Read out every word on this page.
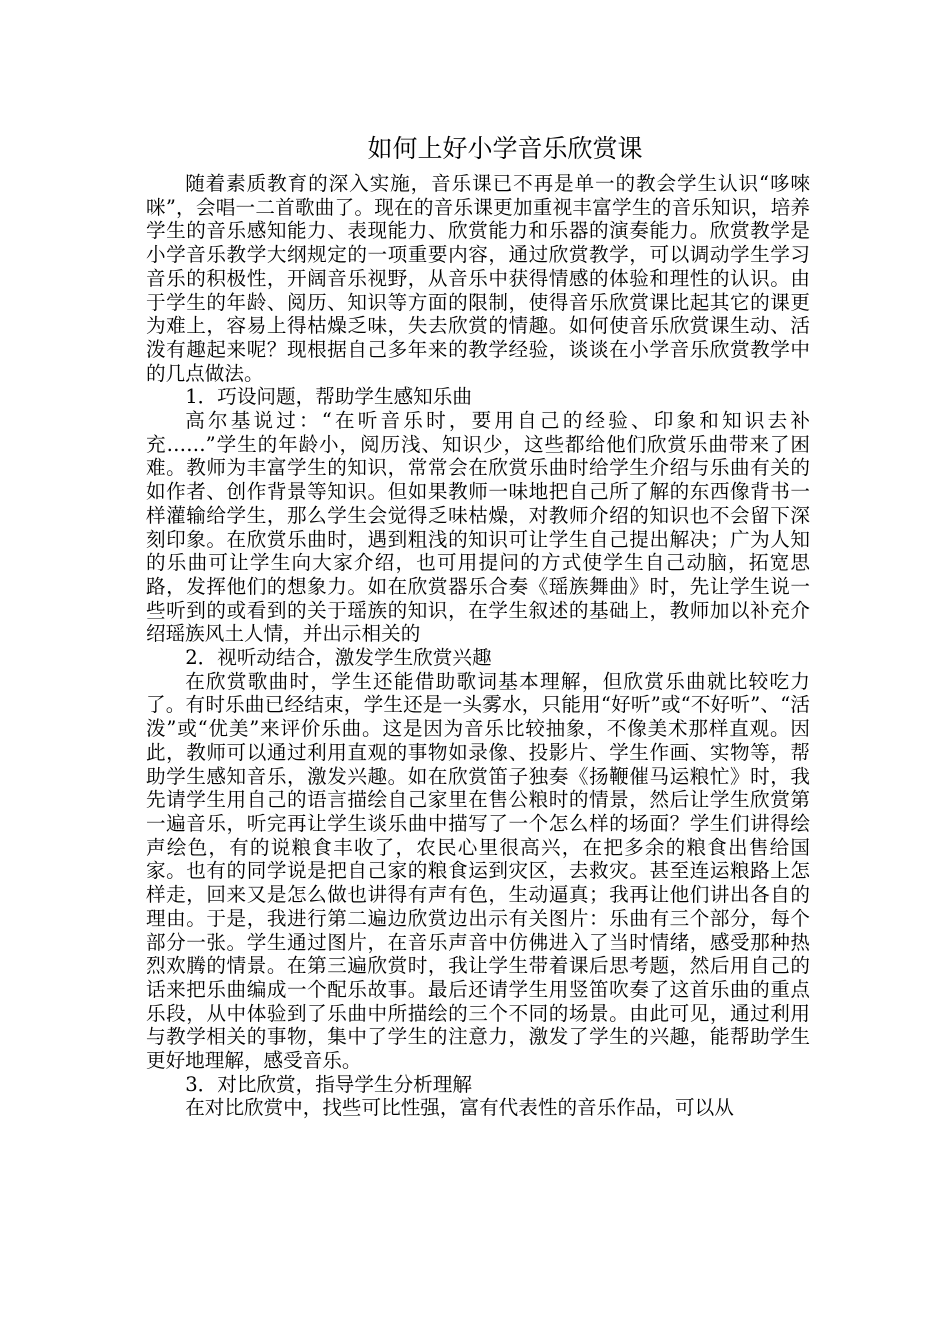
如何上好小学音乐欣赏课

随着素质教育的深入实施，音乐课已不再是单一的教会学生认识“哆唻咪”，会唱一二首歌曲了。现在的音乐课更加重视丰富学生的音乐知识，培养学生的音乐感知能力、表现能力、欣赏能力和乐器的演奏能力。欣赏教学是小学音乐教学大纲规定的一项重要内容，通过欣赏教学，可以调动学生学习音乐的积极性，开阔音乐视野，从音乐中获得情感的体验和理性的认识。由于学生的年龄、阅历、知识等方面的限制，使得音乐欣赏课比起其它的课更为难上，容易上得枯燥乏味，失去欣赏的情趣。如何使音乐欣赏课生动、活泼有趣起来呢？现根据自己多年来的教学经验，谈谈在小学音乐欣赏教学中的几点做法。

1．巧设问题，帮助学生感知乐曲

高尔基说过：“在听音乐时，要用自己的经验、印象和知识去补充……”学生的年龄小，阅历浅、知识少，这些都给他们欣赏乐曲带来了困难。教师为丰富学生的知识，常常会在欣赏乐曲时给学生介绍与乐曲有关的如作者、创作背景等知识。但如果教师一味地把自己所了解的东西像背书一样灌输给学生，那么学生会觉得乏味枯燥，对教师介绍的知识也不会留下深刻印象。在欣赏乐曲时，遇到粗浅的知识可让学生自己提出解决；广为人知的乐曲可让学生向大家介绍，也可用提问的方式使学生自己动脑，拓宽思路，发挥他们的想象力。如在欣赏器乐合奏《瑶族舞曲》时，先让学生说一些听到的或看到的关于瑶族的知识，在学生叙述的基础上，教师加以补充介绍瑶族风土人情，并出示相关的

2．视听动结合，激发学生欣赏兴趣

在欣赏歌曲时，学生还能借助歌词基本理解，但欣赏乐曲就比较吃力了。有时乐曲已经结束，学生还是一头雾水，只能用“好听”或“不好听”、“活泼”或“优美”来评价乐曲。这是因为音乐比较抽象，不像美术那样直观。因此，教师可以通过利用直观的事物如录像、投影片、学生作画、实物等，帮助学生感知音乐，激发兴趣。如在欣赏笛子独奏《扬鞭催马运粮忙》时，我先请学生用自己的语言描绘自己家里在售公粮时的情景，然后让学生欣赏第一遍音乐，听完再让学生谈乐曲中描写了一个怎么样的场面？学生们讲得绘声绘色，有的说粮食丰收了，农民心里很高兴，在把多余的粮食出售给国家。也有的同学说是把自己家的粮食运到灾区，去救灾。甚至连运粮路上怎样走，回来又是怎么做也讲得有声有色，生动逼真；我再让他们讲出各自的理由。于是，我进行第二遍边欣赏边出示有关图片：乐曲有三个部分，每个部分一张。学生通过图片，在音乐声音中仿佛进入了当时情绪，感受那种热烈欢腾的情景。在第三遍欣赏时，我让学生带着课后思考题，然后用自己的话来把乐曲编成一个配乐故事。最后还请学生用竖笛吹奏了这首乐曲的重点乐段，从中体验到了乐曲中所描绘的三个不同的场景。由此可见，通过利用与教学相关的事物，集中了学生的注意力，激发了学生的兴趣，能帮助学生更好地理解，感受音乐。

3．对比欣赏，指导学生分析理解

在对比欣赏中，找些可比性强，富有代表性的音乐作品，可以从
